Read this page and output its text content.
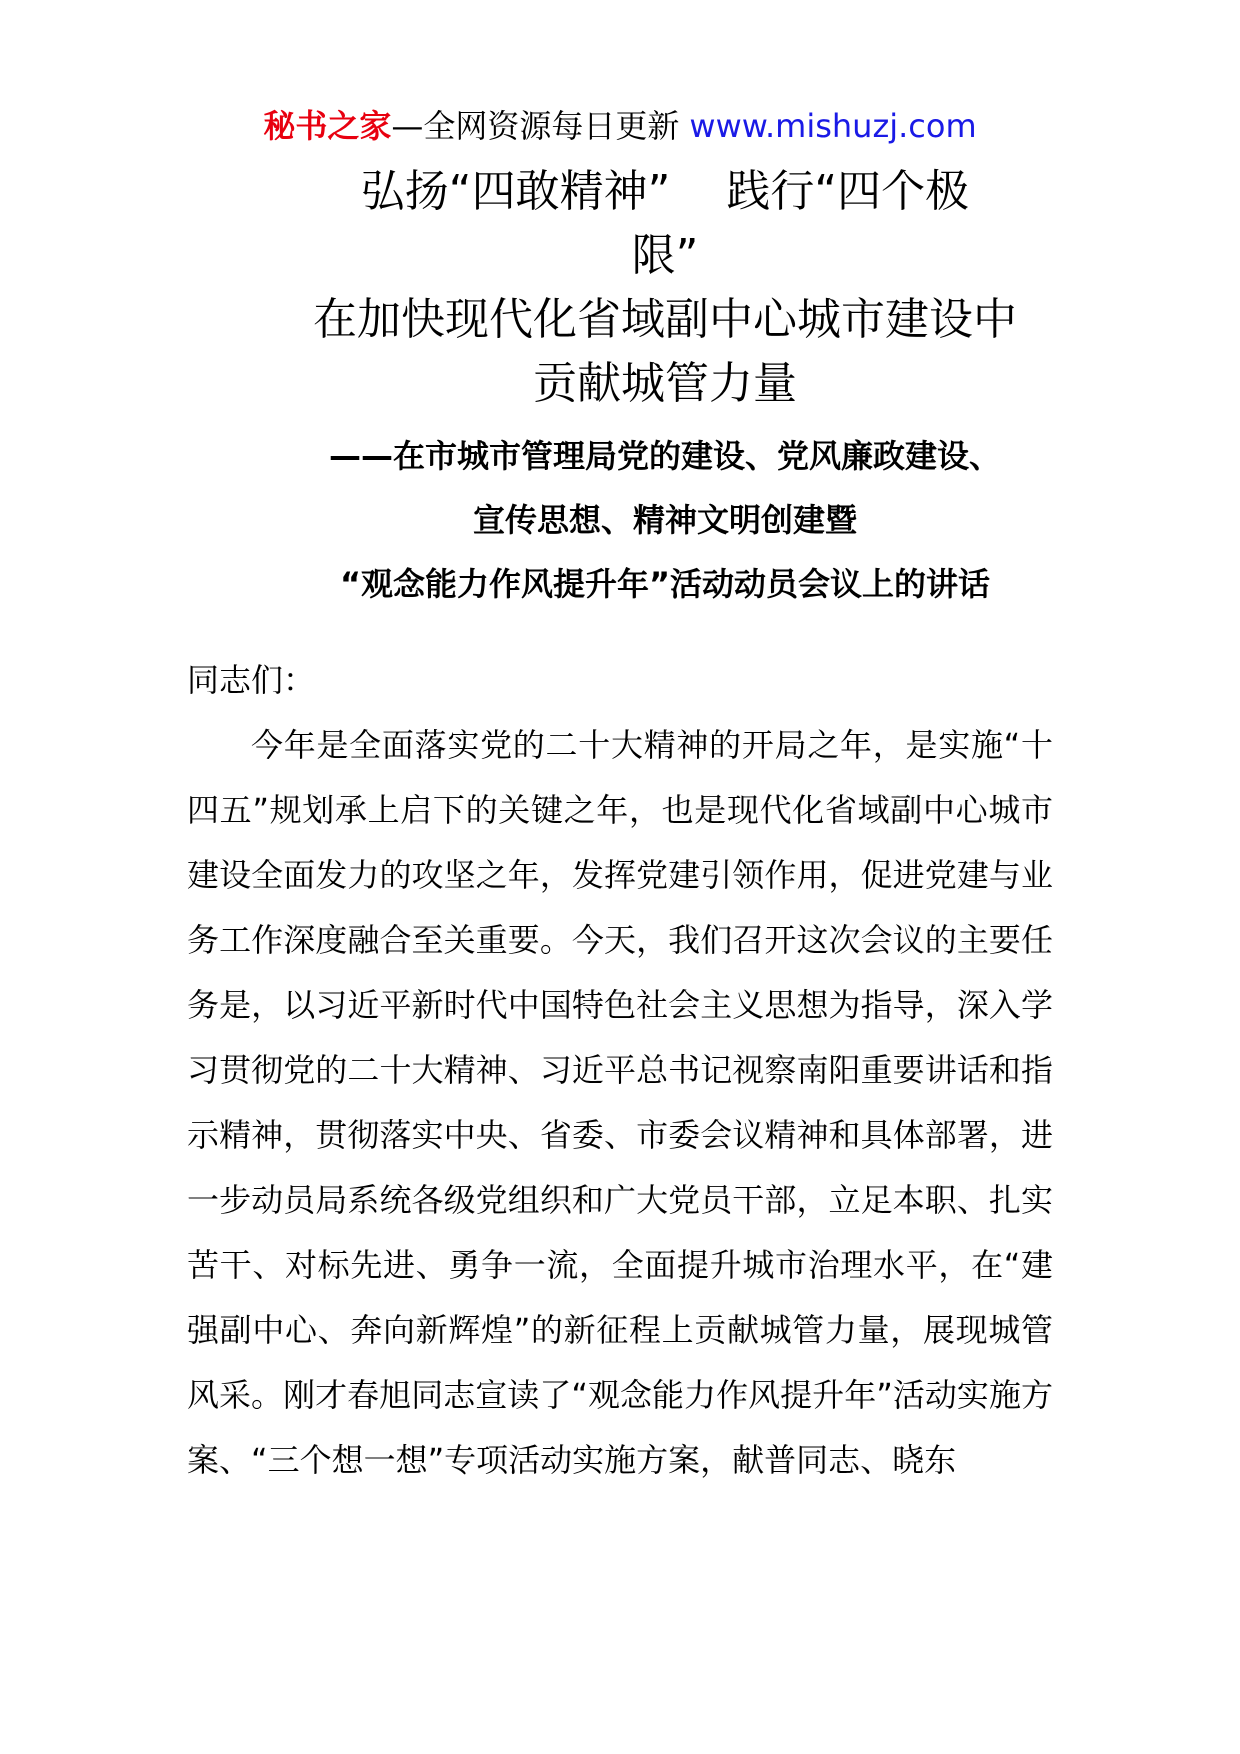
秘书之家—全网资源每日更新 www.mishuzj.com
弘扬“四敢精神” 践行“四个极
限”
在加快现代化省域副中心城市建设中
贡献城管力量
——在市城市管理局党的建设、党风廉政建设、
宣传思想、精神文明创建暨
“观念能力作风提升年”活动动员会议上的讲话

同志们：

今年是全面落实党的二十大精神的开局之年，是实施“十四五”规划承上启下的关键之年，也是现代化省域副中心城市建设全面发力的攻坚之年，发挥党建引领作用，促进党建与业务工作深度融合至关重要。今天，我们召开这次会议的主要任务是，以习近平新时代中国特色社会主义思想为指导，深入学习贯彻党的二十大精神、习近平总书记视察南阳重要讲话和指示精神，贯彻落实中央、省委、市委会议精神和具体部署，进一步动员局系统各级党组织和广大党员干部，立足本职、扎实苦干、对标先进、勇争一流，全面提升城市治理水平，在“建强副中心、奔向新辉煌”的新征程上贡献城管力量，展现城管风采。刚才春旭同志宣读了“观念能力作风提升年”活动实施方案、“三个想一想”专项活动实施方案，献普同志、晓东
